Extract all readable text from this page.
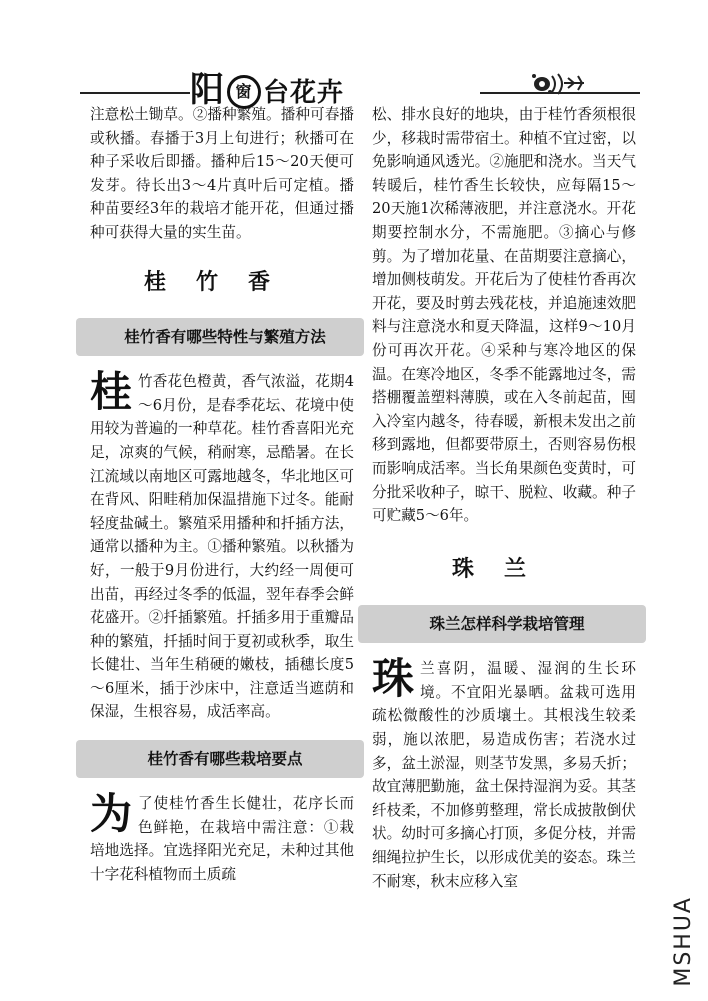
阳 窗 台花卉

注意松土锄草。②播种繁殖。播种可春播或秋播。春播于3月上旬进行；秋播可在种子采收后即播。播种后15～20天便可发芽。待长出3～4片真叶后可定植。播种苗要经3年的栽培才能开花，但通过播种可获得大量的实生苗。

桂竹香
桂竹香有哪些特性与繁殖方法

桂竹香花色橙黄，香气浓溢，花期4～6月份，是春季花坛、花境中使用较为普遍的一种草花。桂竹香喜阳光充足，凉爽的气候，稍耐寒，忌酷暑。在长江流域以南地区可露地越冬，华北地区可在背风、阳畦稍加保温措施下过冬。能耐轻度盐碱土。繁殖采用播种和扦插方法，通常以播种为主。①播种繁殖。以秋播为好，一般于9月份进行，大约经一周便可出苗，再经过冬季的低温，翌年春季会鲜花盛开。②扦插繁殖。扦插多用于重瓣品种的繁殖，扦插时间于夏初或秋季，取生长健壮、当年生稍硬的嫩枝，插穗长度5～6厘米，插于沙床中，注意适当遮荫和保湿，生根容易，成活率高。

桂竹香有哪些栽培要点

为了使桂竹香生长健壮，花序长而色鲜艳，在栽培中需注意：①栽培地选择。宜选择阳光充足，未种过其他十字花科植物而土质疏

松、排水良好的地块，由于桂竹香须根很少，移栽时需带宿土。种植不宜过密，以免影响通风透光。②施肥和浇水。当天气转暖后，桂竹香生长较快，应每隔15～20天施1次稀薄液肥，并注意浇水。开花期要控制水分，不需施肥。③摘心与修剪。为了增加花量、在苗期要注意摘心，增加侧枝萌发。开花后为了使桂竹香再次开花，要及时剪去残花枝，并追施速效肥料与注意浇水和夏天降温，这样9～10月份可再次开花。④采种与寒冷地区的保温。在寒冷地区，冬季不能露地过冬，需搭棚覆盖塑料薄膜，或在入冬前起苗，囤入冷室内越冬，待春暖，新根未发出之前移到露地，但都要带原土，否则容易伤根而影响成活率。当长角果颜色变黄时，可分批采收种子，晾干、脱粒、收藏。种子可贮藏5～6年。

珠兰
珠兰怎样科学栽培管理

珠兰喜阴，温暖、湿润的生长环境。不宜阳光暴晒。盆栽可选用疏松微酸性的沙质壤土。其根浅生较柔弱，施以浓肥，易造成伤害；若浇水过多，盆土淤湿，则茎节发黑，多易夭折；故宜薄肥勤施，盆土保持湿润为妥。其茎纤枝柔，不加修剪整理，常长成披散倒伏状。幼时可多摘心打顶，多促分枝，并需细绳拉护生长，以形成优美的姿态。珠兰不耐寒，秋末应移入室

MSHUA
